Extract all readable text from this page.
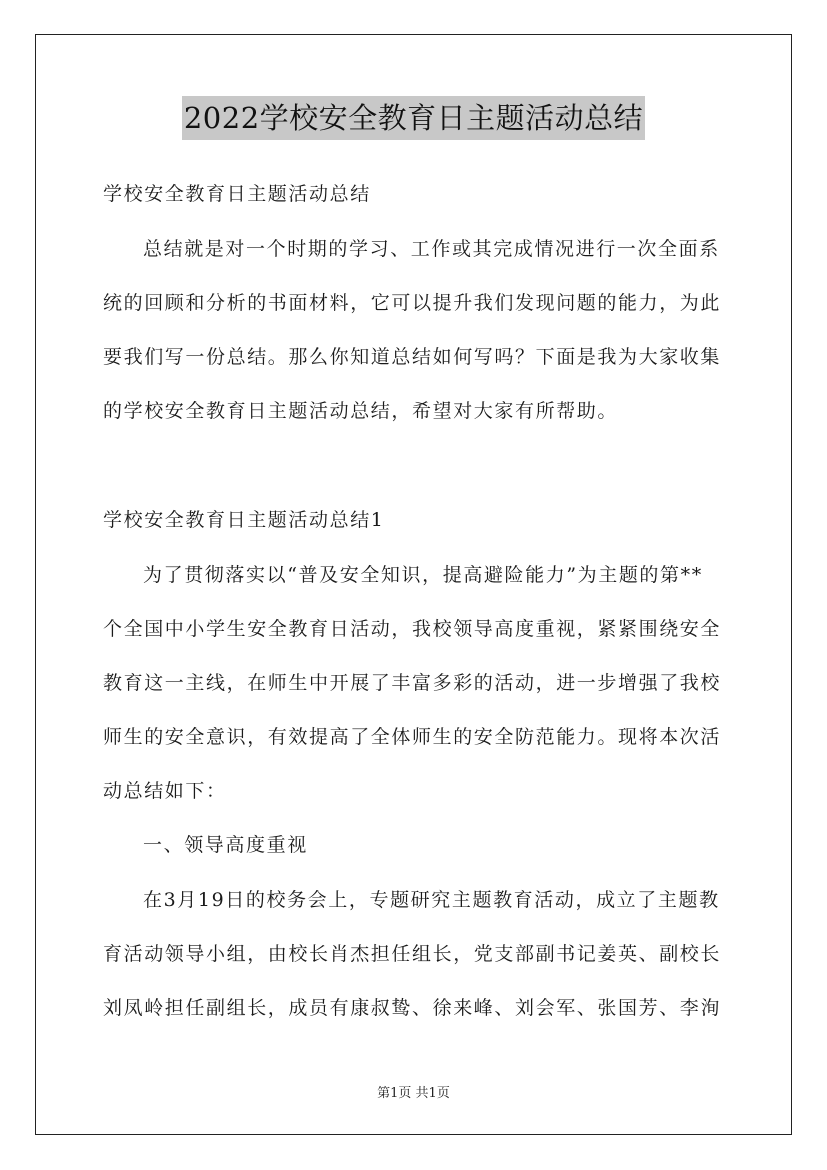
2022学校安全教育日主题活动总结
学校安全教育日主题活动总结
总结就是对一个时期的学习、工作或其完成情况进行一次全面系
统的回顾和分析的书面材料，它可以提升我们发现问题的能力，为此
要我们写一份总结。那么你知道总结如何写吗？下面是我为大家收集
的学校安全教育日主题活动总结，希望对大家有所帮助。
学校安全教育日主题活动总结1
为了贯彻落实以“普及安全知识，提高避险能力”为主题的第**
个全国中小学生安全教育日活动，我校领导高度重视，紧紧围绕安全
教育这一主线，在师生中开展了丰富多彩的活动，进一步增强了我校
师生的安全意识，有效提高了全体师生的安全防范能力。现将本次活
动总结如下：
一、领导高度重视
在3月19日的校务会上，专题研究主题教育活动，成立了主题教
育活动领导小组，由校长肖杰担任组长，党支部副书记姜英、副校长
刘凤岭担任副组长，成员有康叔鸷、徐来峰、刘会军、张国芳、李洵
第1页 共1页
